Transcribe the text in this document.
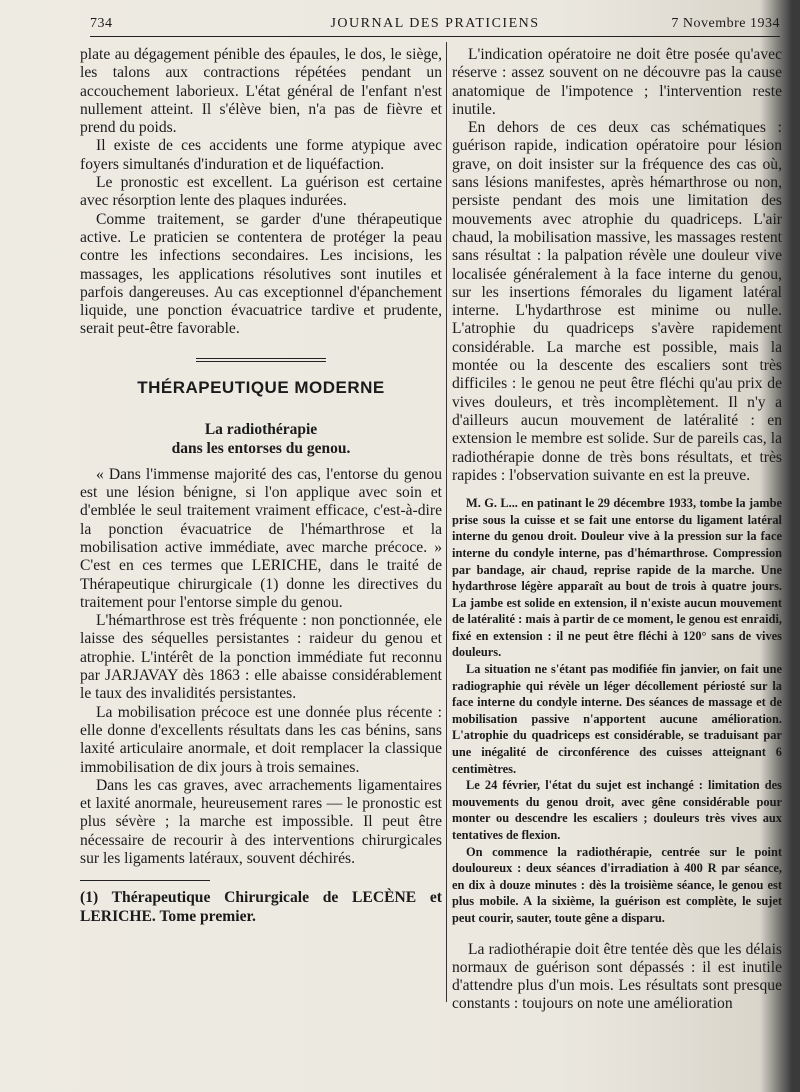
734	JOURNAL DES PRATICIENS	7 Novembre 1934

plate au dégagement pénible des épaules, le dos, le siège, les talons aux contractions répétées pendant un accouchement laborieux. L'état général de l'enfant n'est nullement atteint. Il s'élève bien, n'a pas de fièvre et prend du poids.

Il existe de ces accidents une forme atypique avec foyers simultanés d'induration et de liquéfaction.

Le pronostic est excellent. La guérison est certaine avec résorption lente des plaques indurées.

Comme traitement, se garder d'une thérapeutique active. Le praticien se contentera de protéger la peau contre les infections secondaires. Les incisions, les massages, les applications résolutives sont inutiles et parfois dangereuses. Au cas exceptionnel d'épanchement liquide, une ponction évacuatrice tardive et prudente, serait peut-être favorable.

THÉRAPEUTIQUE MODERNE
La radiothérapie
dans les entorses du genou.

« Dans l'immense majorité des cas, l'entorse du genou est une lésion bénigne, si l'on applique avec soin et d'emblée le seul traitement vraiment efficace, c'est-à-dire la ponction évacuatrice de l'hémarthrose et la mobilisation active immédiate, avec marche précoce. » C'est en ces termes que LERICHE, dans le traité de Thérapeutique chirurgicale (1) donne les directives du traitement pour l'entorse simple du genou.

L'hémarthrose est très fréquente : non ponctionnée, ele laisse des séquelles persistantes : raideur du genou et atrophie. L'intérêt de la ponction immédiate fut reconnu par JARJAVAY dès 1863 : elle abaisse considérablement le taux des invalidités persistantes.

La mobilisation précoce est une donnée plus récente : elle donne d'excellents résultats dans les cas bénins, sans laxité articulaire anormale, et doit remplacer la classique immobilisation de dix jours à trois semaines.

Dans les cas graves, avec arrachements ligamentaires et laxité anormale, heureusement rares — le pronostic est plus sévère ; la marche est impossible. Il peut être nécessaire de recourir à des interventions chirurgicales sur les ligaments latéraux, souvent déchirés.

(1) Thérapeutique Chirurgicale de LECÈNE et LERICHE. Tome premier.

L'indication opératoire ne doit être posée qu'avec réserve : assez souvent on ne découvre pas la cause anatomique de l'impotence ; l'intervention reste inutile.

En dehors de ces deux cas schématiques : guérison rapide, indication opératoire pour lésion grave, on doit insister sur la fréquence des cas où, sans lésions manifestes, après hémarthrose ou non, persiste pendant des mois une limitation des mouvements avec atrophie du quadriceps. L'air chaud, la mobilisation massive, les massages restent sans résultat : la palpation révèle une douleur vive localisée généralement à la face interne du genou, sur les insertions fémorales du ligament latéral interne. L'hydarthrose est minime ou nulle. L'atrophie du quadriceps s'avère rapidement considérable. La marche est possible, mais la montée ou la descente des escaliers sont très difficiles : le genou ne peut être fléchi qu'au prix de vives douleurs, et très incomplètement. Il n'y a d'ailleurs aucun mouvement de latéralité : en extension le membre est solide. Sur de pareils cas, la radiothérapie donne de très bons résultats, et très rapides : l'observation suivante en est la preuve.

M. G. L... en patinant le 29 décembre 1933, tombe la jambe prise sous la cuisse et se fait une entorse du ligament latéral interne du genou droit. Douleur vive à la pression sur la face interne du condyle interne, pas d'hémarthrose. Compression par bandage, air chaud, reprise rapide de la marche. Une hydarthrose légère apparaît au bout de trois à quatre jours. La jambe est solide en extension, il n'existe aucun mouvement de latéralité : mais à partir de ce moment, le genou est enraidi, fixé en extension : il ne peut être fléchi à 120° sans de vives douleurs.

La situation ne s'étant pas modifiée fin janvier, on fait une radiographie qui révèle un léger décollement périosté sur la face interne du condyle interne. Des séances de massage et de mobilisation passive n'apportent aucune amélioration. L'atrophie du quadriceps est considérable, se traduisant par une inégalité de circonférence des cuisses atteignant 6 centimètres.

Le 24 février, l'état du sujet est inchangé : limitation des mouvements du genou droit, avec gêne considérable pour monter ou descendre les escaliers ; douleurs très vives aux tentatives de flexion.

On commence la radiothérapie, centrée sur le point douloureux : deux séances d'irradiation à 400 R par séance, en dix à douze minutes : dès la troisième séance, le genou est plus mobile. A la sixième, la guérison est complète, le sujet peut courir, sauter, toute gêne a disparu.

La radiothérapie doit être tentée dès que les délais normaux de guérison sont dépassés : il est inutile d'attendre plus d'un mois. Les résultats sont presque constants : toujours on note une amélioration
